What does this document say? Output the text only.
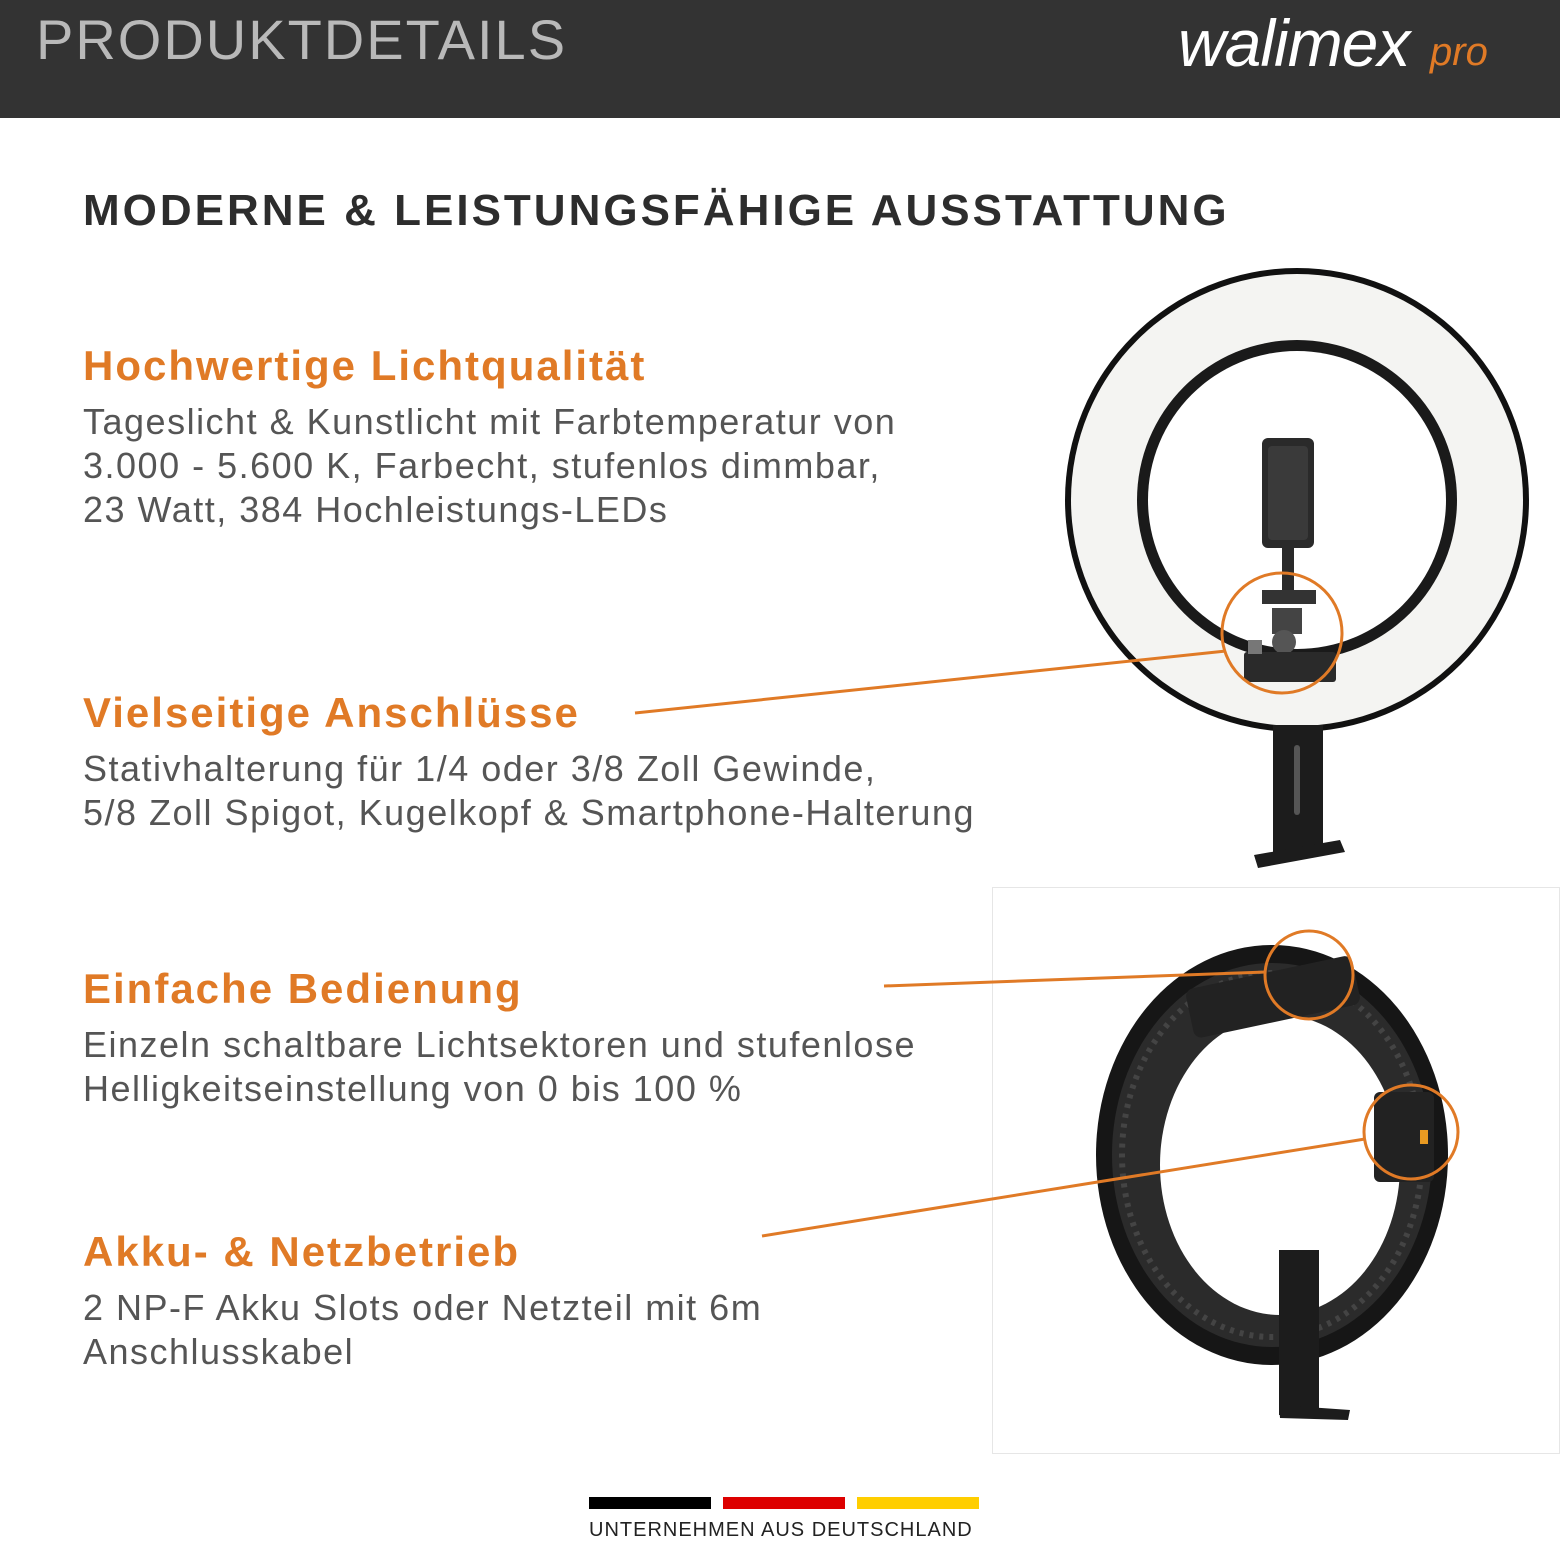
PRODUKTDETAILS	walimex pro
MODERNE & LEISTUNGSFÄHIGE AUSSTATTUNG
Hochwertige Lichtqualität
Tageslicht & Kunstlicht mit Farbtemperatur von
3.000 - 5.600 K, Farbecht, stufenlos dimmbar,
23 Watt, 384 Hochleistungs-LEDs
Vielseitige Anschlüsse
Stativhalterung für 1/4 oder 3/8 Zoll Gewinde,
5/8 Zoll Spigot, Kugelkopf & Smartphone-Halterung
Einfache Bedienung
Einzeln schaltbare Lichtsektoren und stufenlose
Helligkeitseinstellung von 0 bis 100 %
Akku- & Netzbetrieb
2 NP-F Akku Slots oder Netzteil mit 6m
Anschlusskabel
UNTERNEHMEN AUS DEUTSCHLAND
